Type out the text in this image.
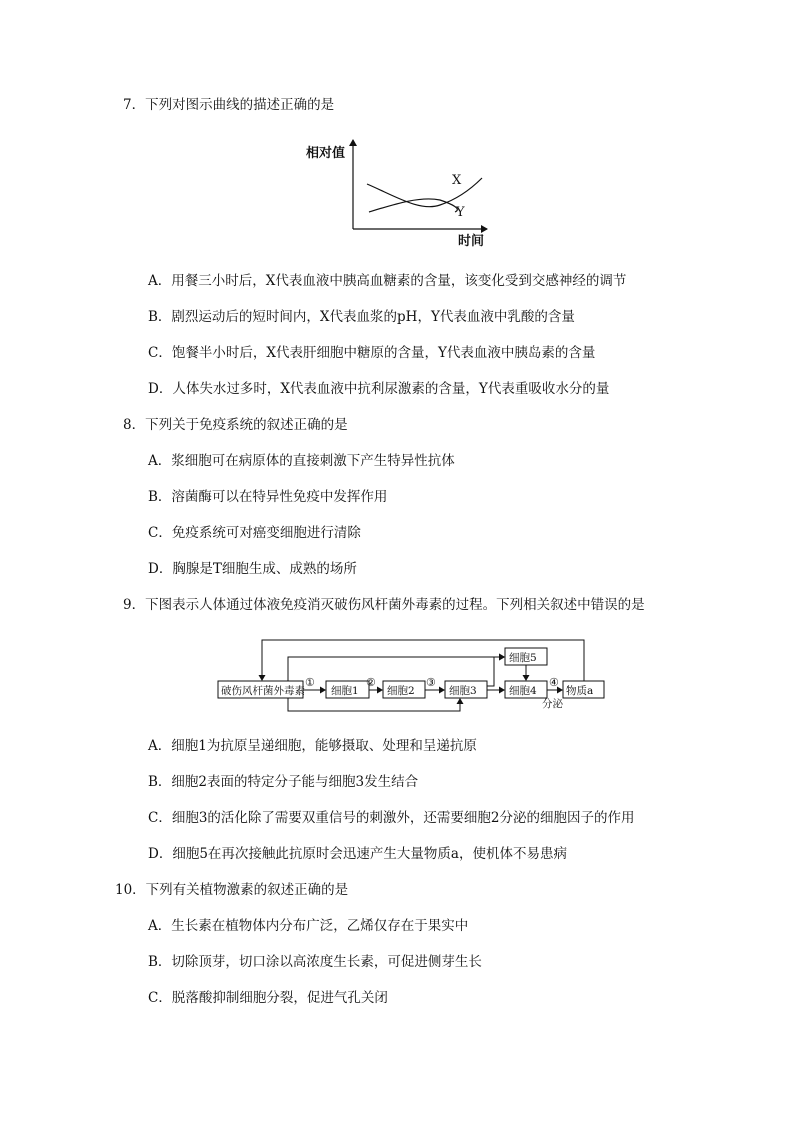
7．下列对图示曲线的描述正确的是
相对值
时间
X
Y
A．用餐三小时后，X代表血液中胰高血糖素的含量，该变化受到交感神经的调节
B．剧烈运动后的短时间内，X代表血浆的pH，Y代表血液中乳酸的含量
C．饱餐半小时后，X代表肝细胞中糖原的含量，Y代表血液中胰岛素的含量
D．人体失水过多时，X代表血液中抗利尿激素的含量，Y代表重吸收水分的量
8．下列关于免疫系统的叙述正确的是
A．浆细胞可在病原体的直接刺激下产生特异性抗体
B．溶菌酶可以在特异性免疫中发挥作用
C．免疫系统可对癌变细胞进行清除
D．胸腺是T细胞生成、成熟的场所
9．下图表示人体通过体液免疫消灭破伤风杆菌外毒素的过程。下列相关叙述中错误的是
破伤风杆菌外毒素 细胞1	细胞2	细胞3	细胞4
细胞5
物质a
①	②	③	④
分泌
A．细胞1为抗原呈递细胞，能够摄取、处理和呈递抗原
B．细胞2表面的特定分子能与细胞3发生结合
C．细胞3的活化除了需要双重信号的刺激外，还需要细胞2分泌的细胞因子的作用
D．细胞5在再次接触此抗原时会迅速产生大量物质a，使机体不易患病
10．下列有关植物激素的叙述正确的是
A．生长素在植物体内分布广泛，乙烯仅存在于果实中
B．切除顶芽，切口涂以高浓度生长素，可促进侧芽生长
C．脱落酸抑制细胞分裂，促进气孔关闭
